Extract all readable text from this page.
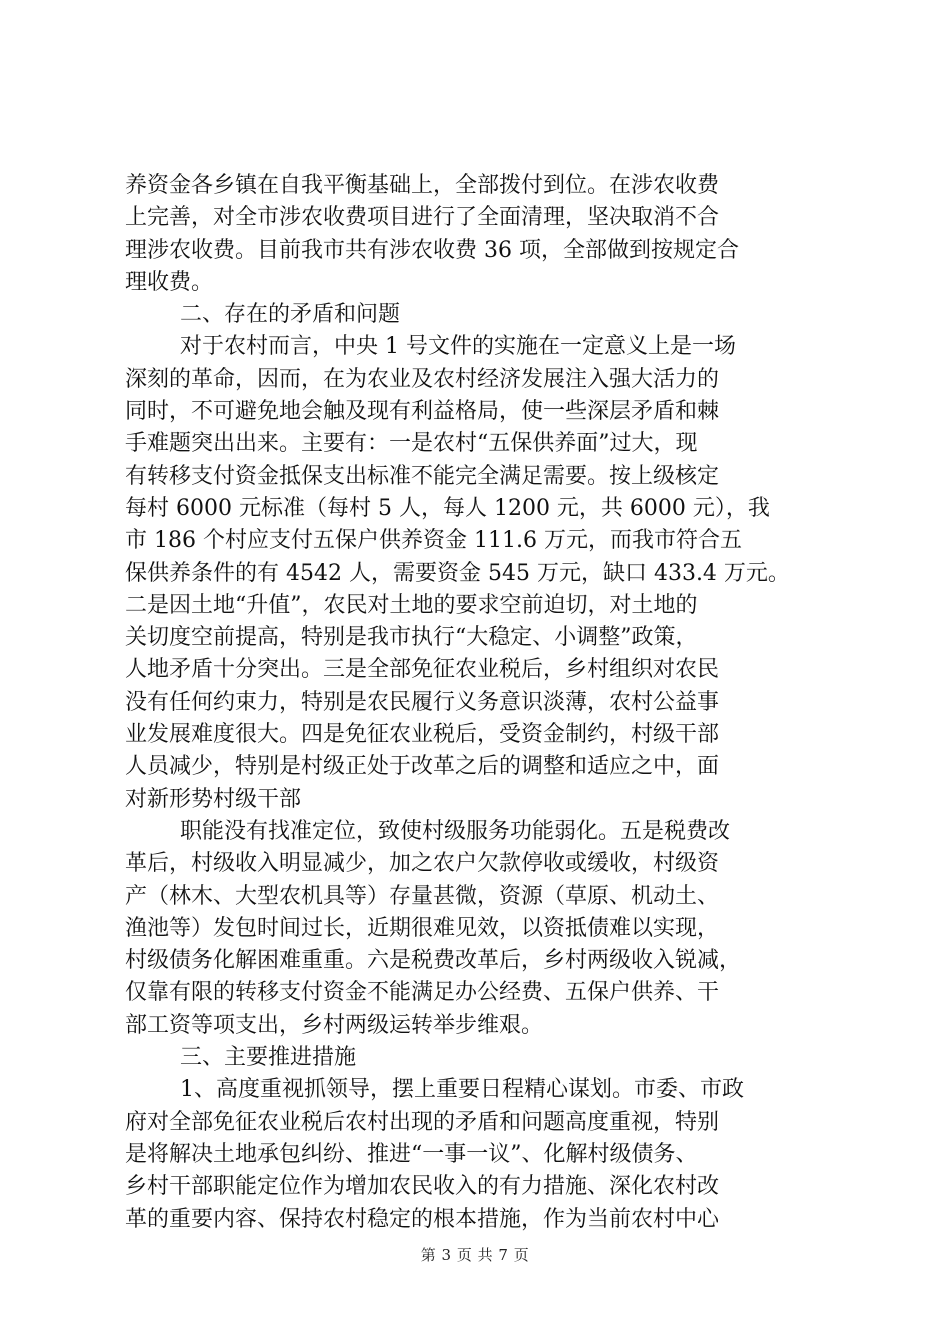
养资金各乡镇在自我平衡基础上，全部拨付到位。在涉农收费
上完善，对全市涉农收费项目进行了全面清理，坚决取消不合
理涉农收费。目前我市共有涉农收费 36 项，全部做到按规定合
理收费。
二、存在的矛盾和问题
对于农村而言，中央 1 号文件的实施在一定意义上是一场
深刻的革命，因而，在为农业及农村经济发展注入强大活力的
同时，不可避免地会触及现有利益格局，使一些深层矛盾和棘
手难题突出出来。主要有：一是农村“五保供养面”过大，现
有转移支付资金抵保支出标准不能完全满足需要。按上级核定
每村 6000 元标准（每村 5 人，每人 1200 元，共 6000 元），我
市 186 个村应支付五保户供养资金 111.6 万元，而我市符合五
保供养条件的有 4542 人，需要资金 545 万元，缺口 433.4 万元。
二是因土地“升值”，农民对土地的要求空前迫切，对土地的
关切度空前提高，特别是我市执行“大稳定、小调整”政策，
人地矛盾十分突出。三是全部免征农业税后，乡村组织对农民
没有任何约束力，特别是农民履行义务意识淡薄，农村公益事
业发展难度很大。四是免征农业税后，受资金制约，村级干部
人员减少，特别是村级正处于改革之后的调整和适应之中，面
对新形势村级干部
职能没有找准定位，致使村级服务功能弱化。五是税费改
革后，村级收入明显减少，加之农户欠款停收或缓收，村级资
产（林木、大型农机具等）存量甚微，资源（草原、机动土、
渔池等）发包时间过长，近期很难见效，以资抵债难以实现，
村级债务化解困难重重。六是税费改革后，乡村两级收入锐减，
仅靠有限的转移支付资金不能满足办公经费、五保户供养、干
部工资等项支出，乡村两级运转举步维艰。
三、主要推进措施
1、高度重视抓领导，摆上重要日程精心谋划。市委、市政
府对全部免征农业税后农村出现的矛盾和问题高度重视，特别
是将解决土地承包纠纷、推进“一事一议”、化解村级债务、
乡村干部职能定位作为增加农民收入的有力措施、深化农村改
革的重要内容、保持农村稳定的根本措施，作为当前农村中心
第 3 页 共 7 页
